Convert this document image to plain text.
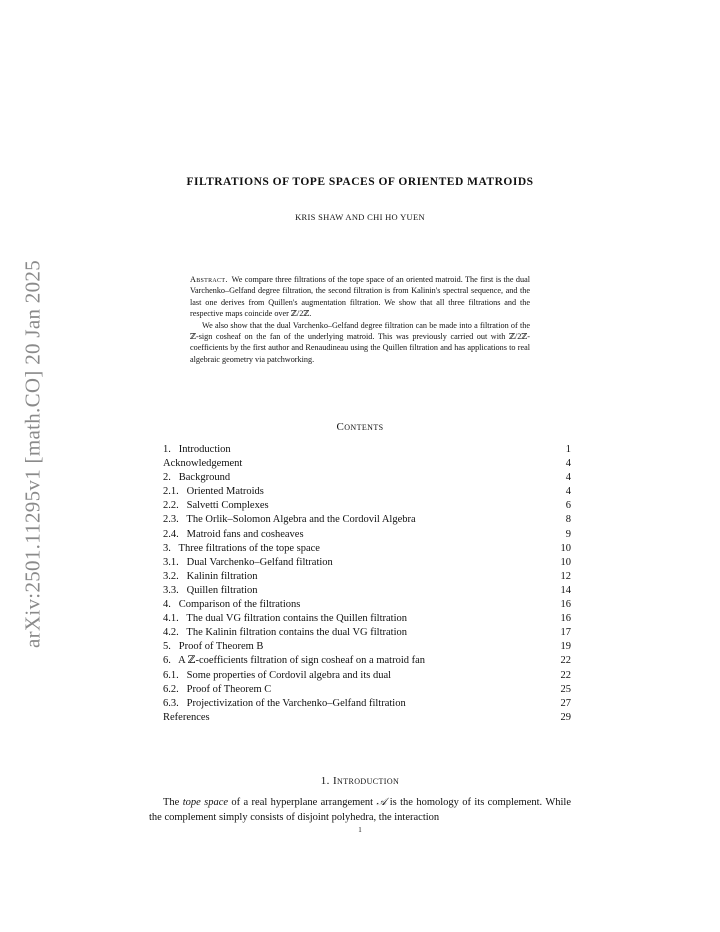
arXiv:2501.11295v1 [math.CO] 20 Jan 2025
FILTRATIONS OF TOPE SPACES OF ORIENTED MATROIDS
KRIS SHAW AND CHI HO YUEN

Abstract. We compare three filtrations of the tope space of an oriented matroid. The first is the dual Varchenko–Gelfand degree filtration, the second filtration is from Kalinin's spectral sequence, and the last one derives from Quillen's augmentation filtration. We show that all three filtrations and the respective maps coincide over ℤ/2ℤ.

We also show that the dual Varchenko–Gelfand degree filtration can be made into a filtration of the ℤ-sign cosheaf on the fan of the underlying matroid. This was previously carried out with ℤ/2ℤ-coefficients by the first author and Renaudineau using the Quillen filtration and has applications to real algebraic geometry via patchworking.

Contents
1.   Introduction	1
Acknowledgement	4
2.   Background	4
2.1.   Oriented Matroids	4
2.2.   Salvetti Complexes	6
2.3.   The Orlik–Solomon Algebra and the Cordovil Algebra	8
2.4.   Matroid fans and cosheaves	9
3.   Three filtrations of the tope space	10
3.1.   Dual Varchenko–Gelfand filtration	10
3.2.   Kalinin filtration	12
3.3.   Quillen filtration	14
4.   Comparison of the filtrations	16
4.1.   The dual VG filtration contains the Quillen filtration	16
4.2.   The Kalinin filtration contains the dual VG filtration	17
5.   Proof of Theorem B	19
6.   A ℤ-coefficients filtration of sign cosheaf on a matroid fan	22
6.1.   Some properties of Cordovil algebra and its dual	22
6.2.   Proof of Theorem C	25
6.3.   Projectivization of the Varchenko–Gelfand filtration	27
References	29
1. Introduction

The tope space of a real hyperplane arrangement 𝒜 is the homology of its complement. While the complement simply consists of disjoint polyhedra, the interaction

1
